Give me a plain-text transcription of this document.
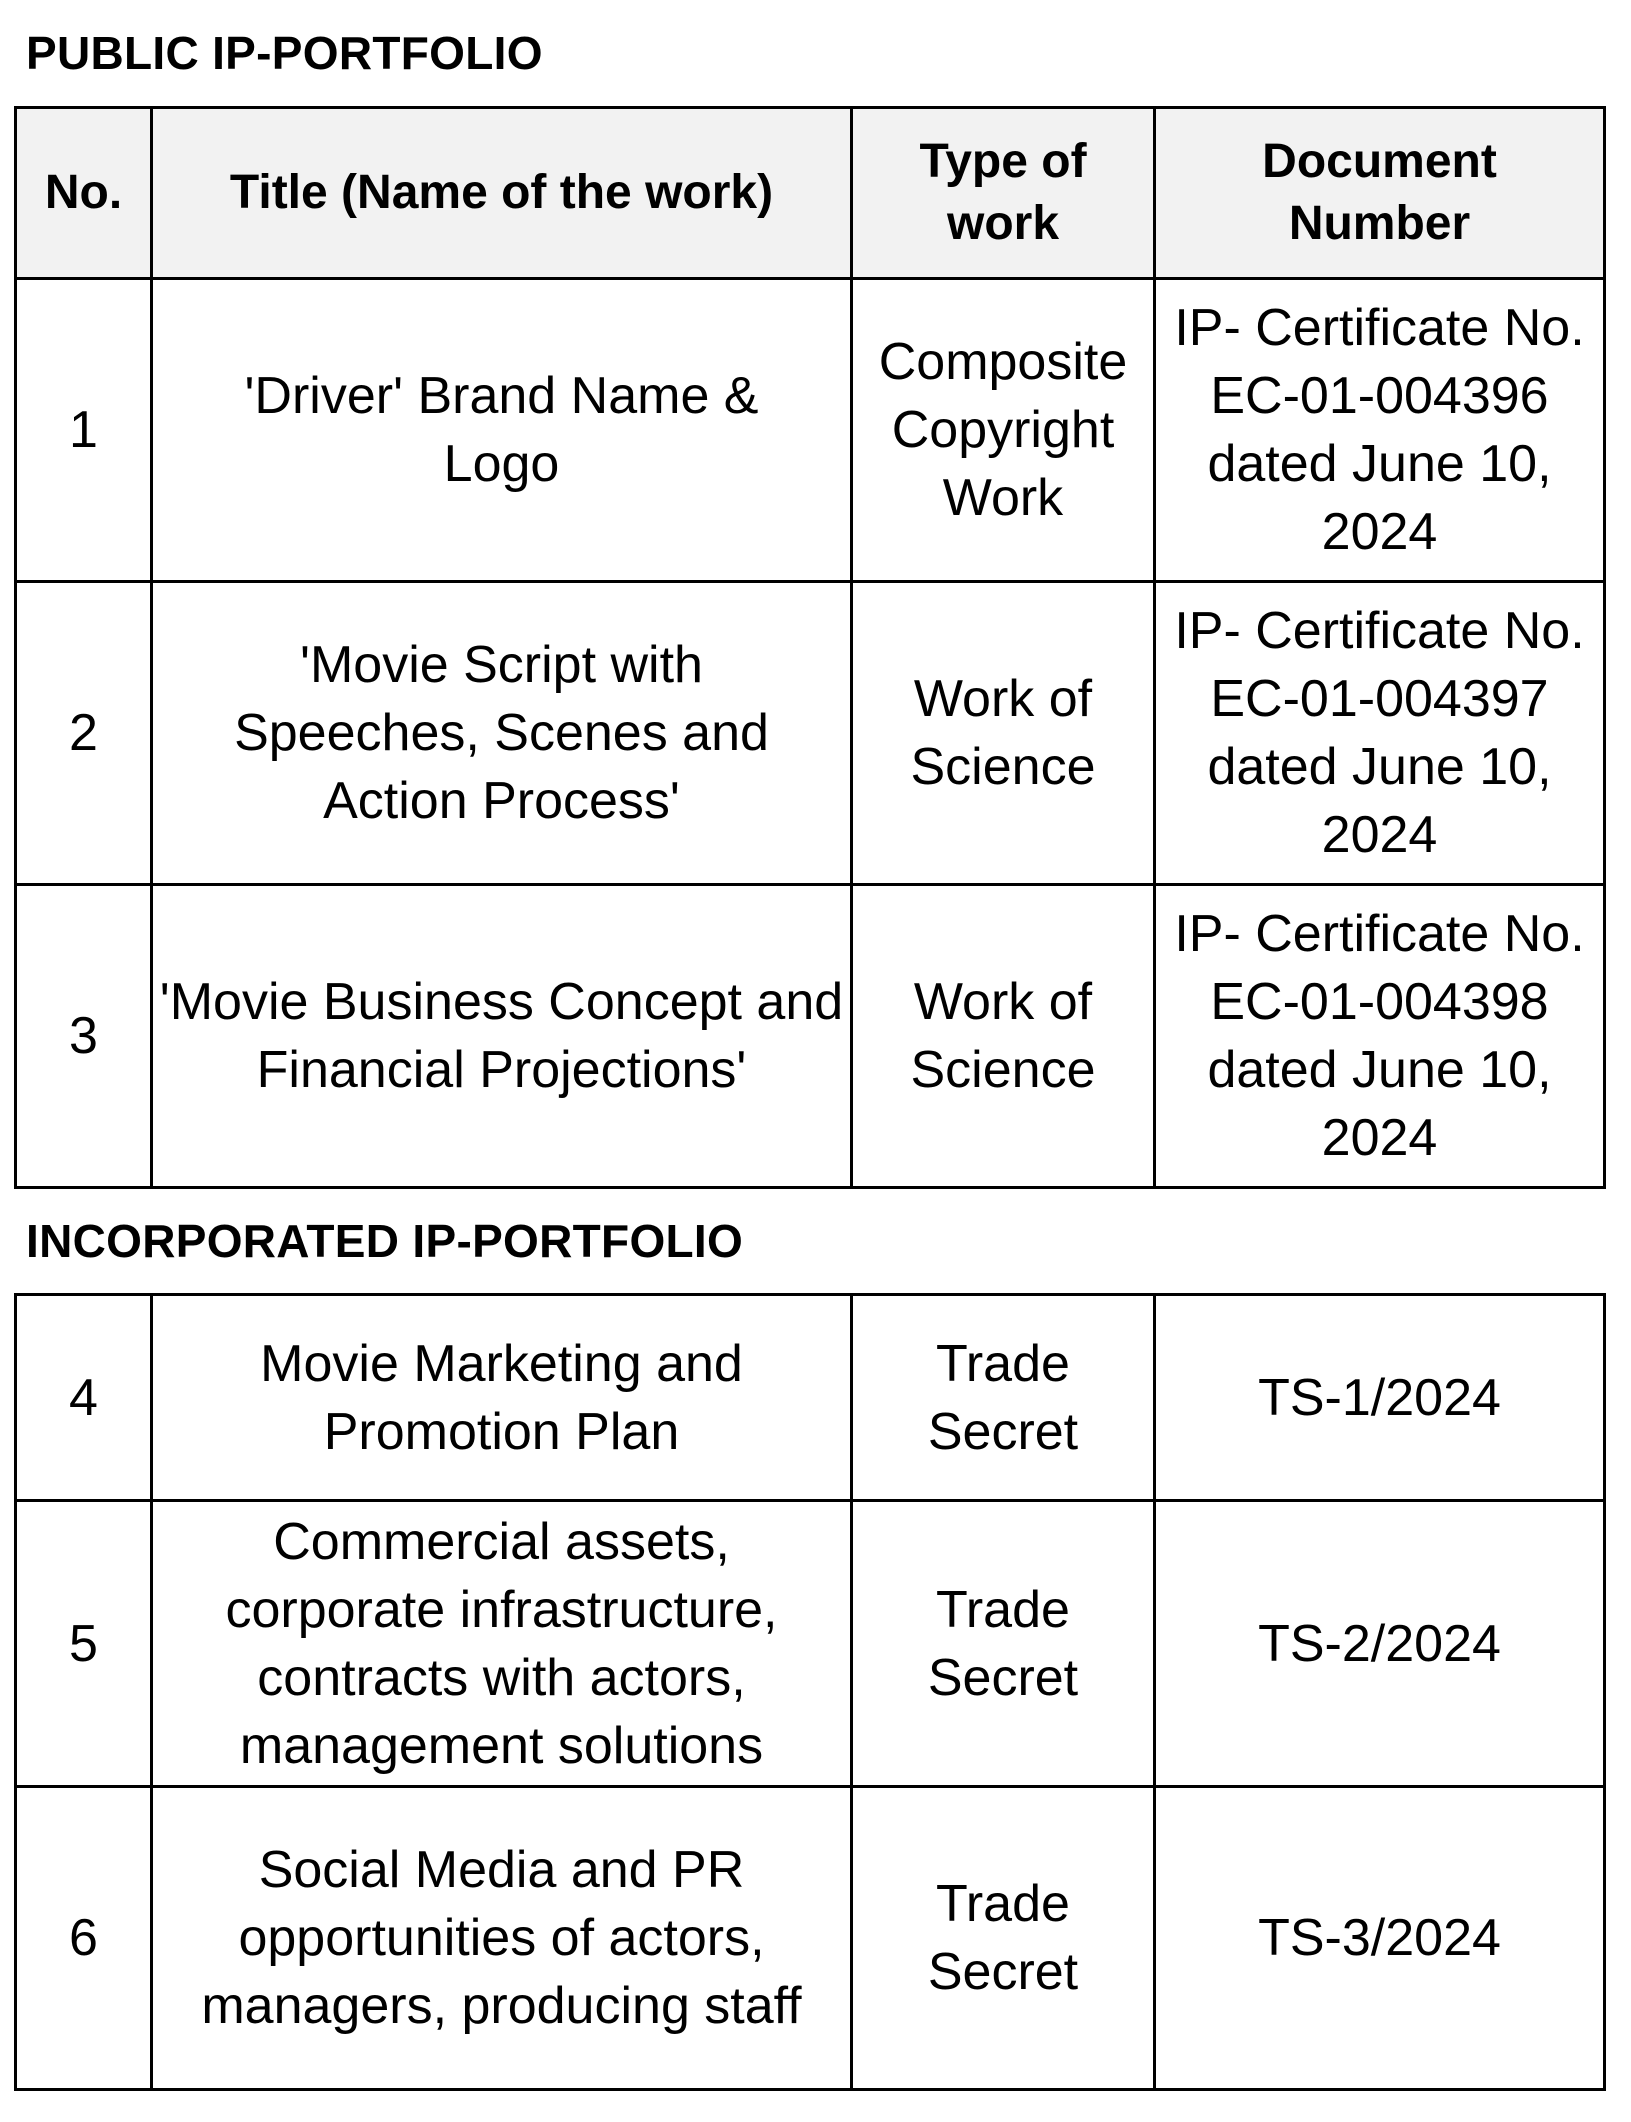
PUBLIC IP-PORTFOLIO
No.	Title (Name of the work)	Type of work	Document Number
1	'Driver' Brand Name & Logo	Composite Copyright Work	IP- Certificate No. EC-01-004396 dated June 10, 2024
2	'Movie Script with Speeches, Scenes and Action Process'	Work of Science	IP- Certificate No. EC-01-004397 dated June 10, 2024
3	'Movie Business Concept and Financial Projections'	Work of Science	IP- Certificate No. EC-01-004398 dated June 10, 2024
INCORPORATED IP-PORTFOLIO
4	Movie Marketing and Promotion Plan	Trade Secret	TS-1/2024
5	Commercial assets, corporate infrastructure, contracts with actors, management solutions	Trade Secret	TS-2/2024
6	Social Media and PR opportunities of actors, managers, producing staff	Trade Secret	TS-3/2024
